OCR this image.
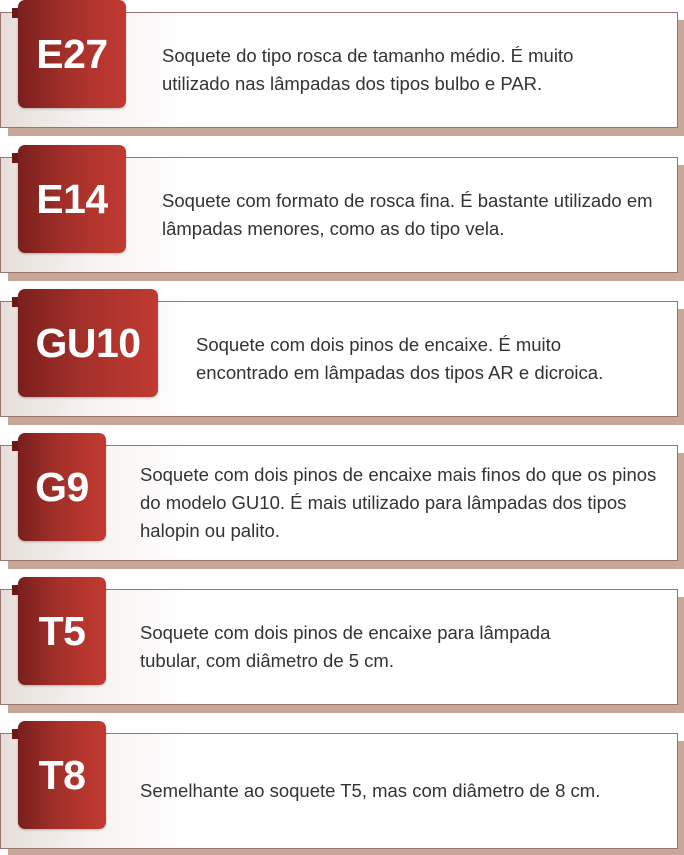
E27	Soquete do tipo rosca de tamanho médio. É muito utilizado nas lâmpadas dos tipos bulbo e PAR.
E14	Soquete com formato de rosca fina. É bastante utilizado em lâmpadas menores, como as do tipo vela.
GU10	Soquete com dois pinos de encaixe. É muito encontrado em lâmpadas dos tipos AR e dicroica.
G9	Soquete com dois pinos de encaixe mais finos do que os pinos do modelo GU10. É mais utilizado para lâmpadas dos tipos halopin ou palito.
T5	Soquete com dois pinos de encaixe para lâmpada tubular, com diâmetro de 5 cm.
T8	Semelhante ao soquete T5, mas com diâmetro de 8 cm.
